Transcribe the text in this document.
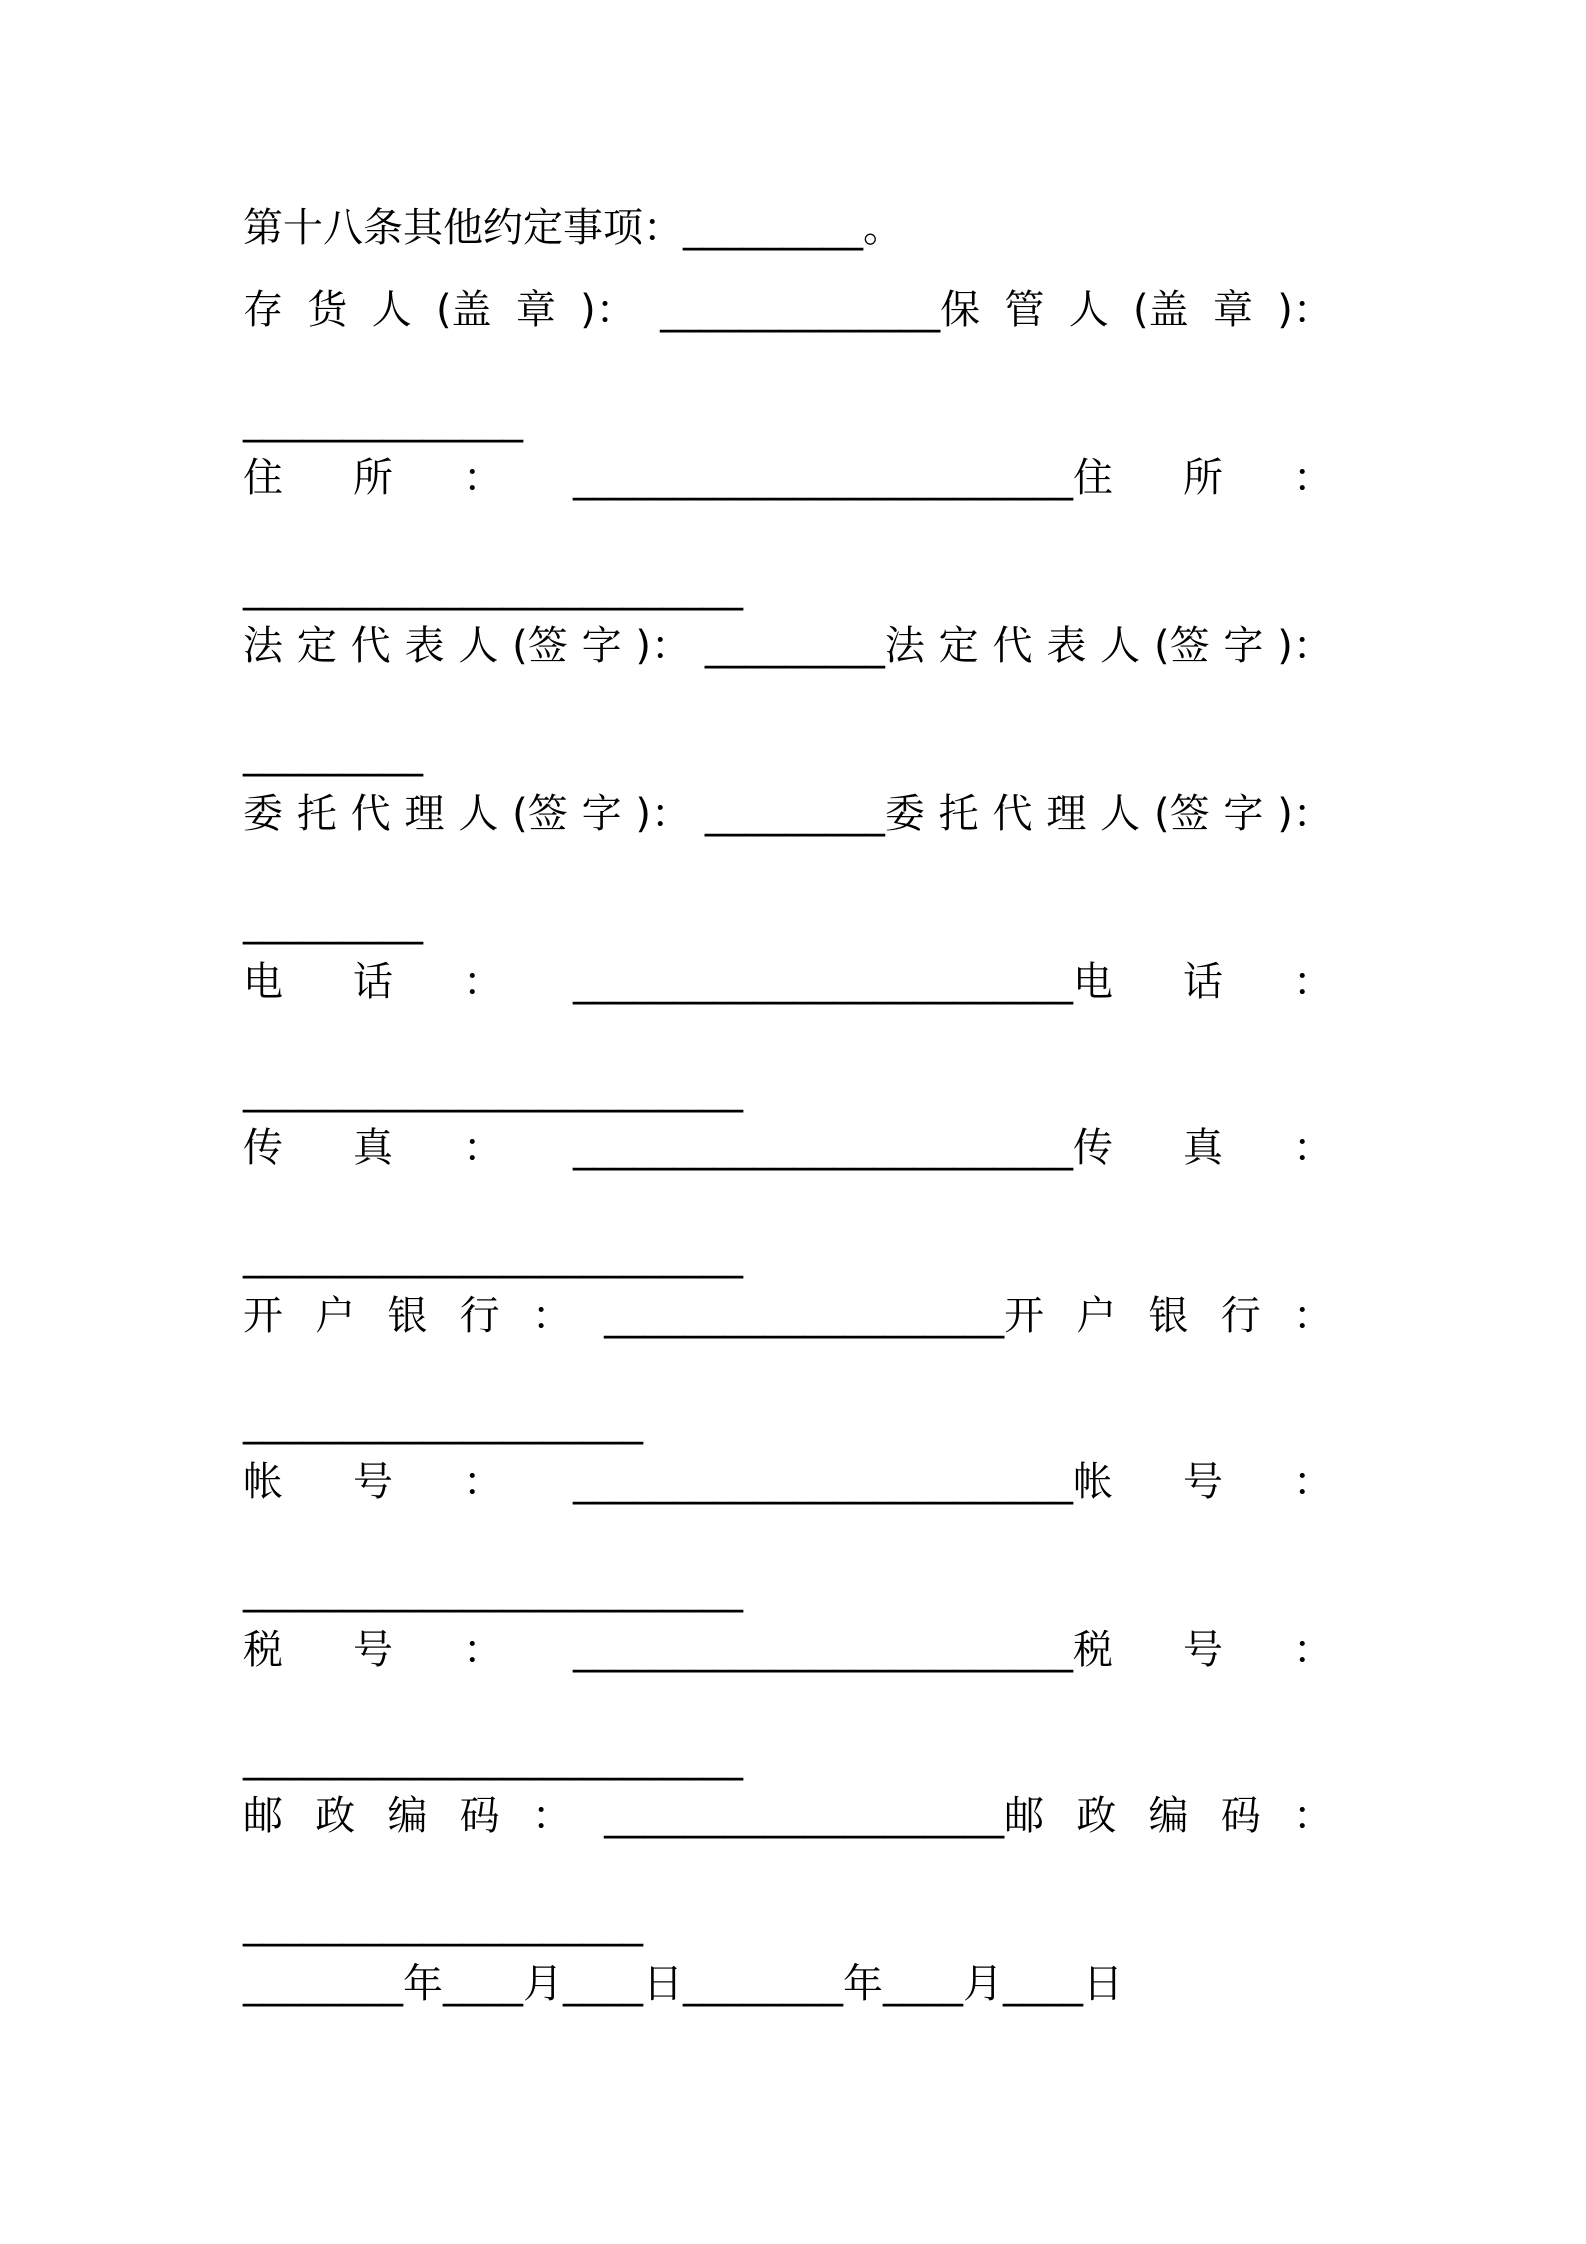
第十八条其他约定事项：_________。
存 货 人 (盖 章 )： ______________保 管 人 (盖 章 )：
______________
住 所 ： _________________________住 所 ：
_________________________
法 定 代 表 人 (签 字 )： _________法 定 代 表 人 (签 字 )：
_________
委 托 代 理 人 (签 字 )： _________委 托 代 理 人 (签 字 )：
_________
电 话 ： _________________________电 话 ：
_________________________
传 真 ： _________________________传 真 ：
_________________________
开 户 银 行 ： ____________________开 户 银 行 ：
____________________
帐 号 ： _________________________帐 号 ：
_________________________
税 号 ： _________________________税 号 ：
_________________________
邮 政 编 码 ： ____________________邮 政 编 码 ：
____________________
________年____月____日________年____月____日
